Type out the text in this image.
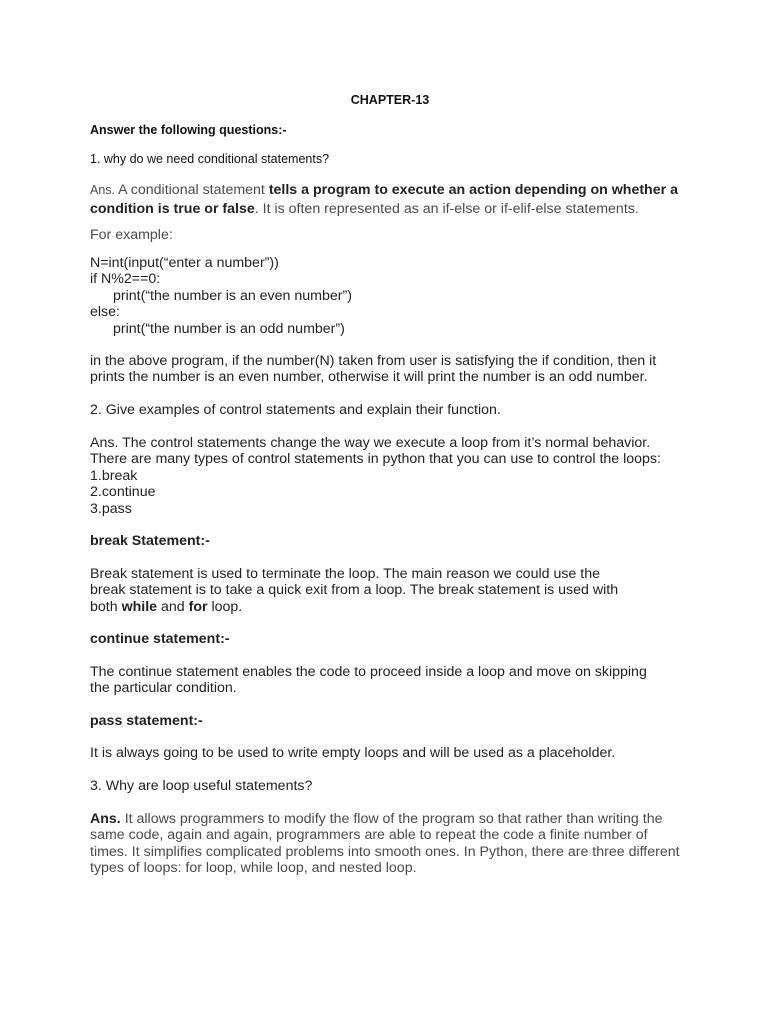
CHAPTER-13

Answer the following questions:-

1. why do we need conditional statements?

Ans. A conditional statement tells a program to execute an action depending on whether a condition is true or false. It is often represented as an if-else or if-elif-else statements.

For example:

N=int(input(“enter a number”))
if N%2==0:
print(“the number is an even number”)
else:
print(“the number is an odd number”)

in the above program, if the number(N) taken from user is satisfying the if condition, then it prints the number is an even number, otherwise it will print the number is an odd number.

2. Give examples of control statements and explain their function.

Ans. The control statements change the way we execute a loop from it’s normal behavior. There are many types of control statements in python that you can use to control the loops:

1.break
2.continue
3.pass

break Statement:-

Break statement is used to terminate the loop. The main reason we could use the break statement is to take a quick exit from a loop. The break statement is used with
both while and for loop.

continue statement:-

The continue statement enables the code to proceed inside a loop and move on skipping the particular condition.

pass statement:-

It is always going to be used to write empty loops and will be used as a placeholder.

3. Why are loop useful statements?

Ans. It allows programmers to modify the flow of the program so that rather than writing the same code, again and again, programmers are able to repeat the code a finite number of times. It simplifies complicated problems into smooth ones. In Python, there are three different types of loops: for loop, while loop, and nested loop.
